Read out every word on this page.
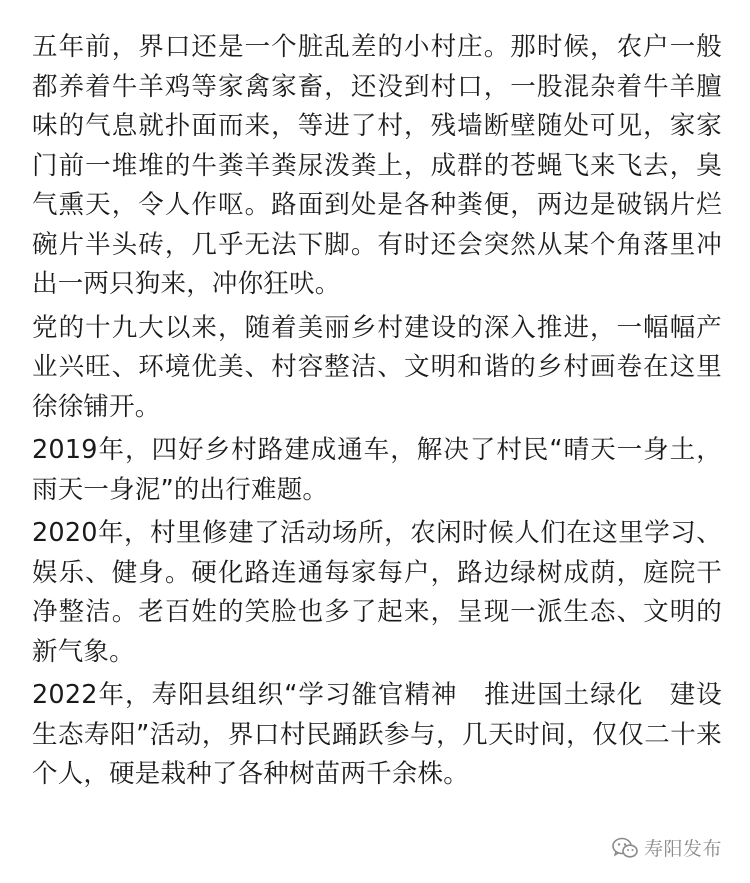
五年前，界口还是一个脏乱差的小村庄。那时候，农户一般都养着牛羊鸡等家禽家畜，还没到村口，一股混杂着牛羊膻味的气息就扑面而来，等进了村，残墙断壁随处可见，家家门前一堆堆的牛粪羊粪尿泼粪上，成群的苍蝇飞来飞去，臭气熏天，令人作呕。路面到处是各种粪便，两边是破锅片烂碗片半头砖，几乎无法下脚。有时还会突然从某个角落里冲出一两只狗来，冲你狂吠。

党的十九大以来，随着美丽乡村建设的深入推进，一幅幅产业兴旺、环境优美、村容整洁、文明和谐的乡村画卷在这里徐徐铺开。

2019年，四好乡村路建成通车，解决了村民“晴天一身土，雨天一身泥”的出行难题。

2020年，村里修建了活动场所，农闲时候人们在这里学习、娱乐、健身。硬化路连通每家每户，路边绿树成荫，庭院干净整洁。老百姓的笑脸也多了起来，呈现一派生态、文明的新气象。

2022年，寿阳县组织“学习雒官精神　推进国土绿化　建设生态寿阳”活动，界口村民踊跃参与，几天时间，仅仅二十来个人，硬是栽种了各种树苗两千余株。

寿阳发布
